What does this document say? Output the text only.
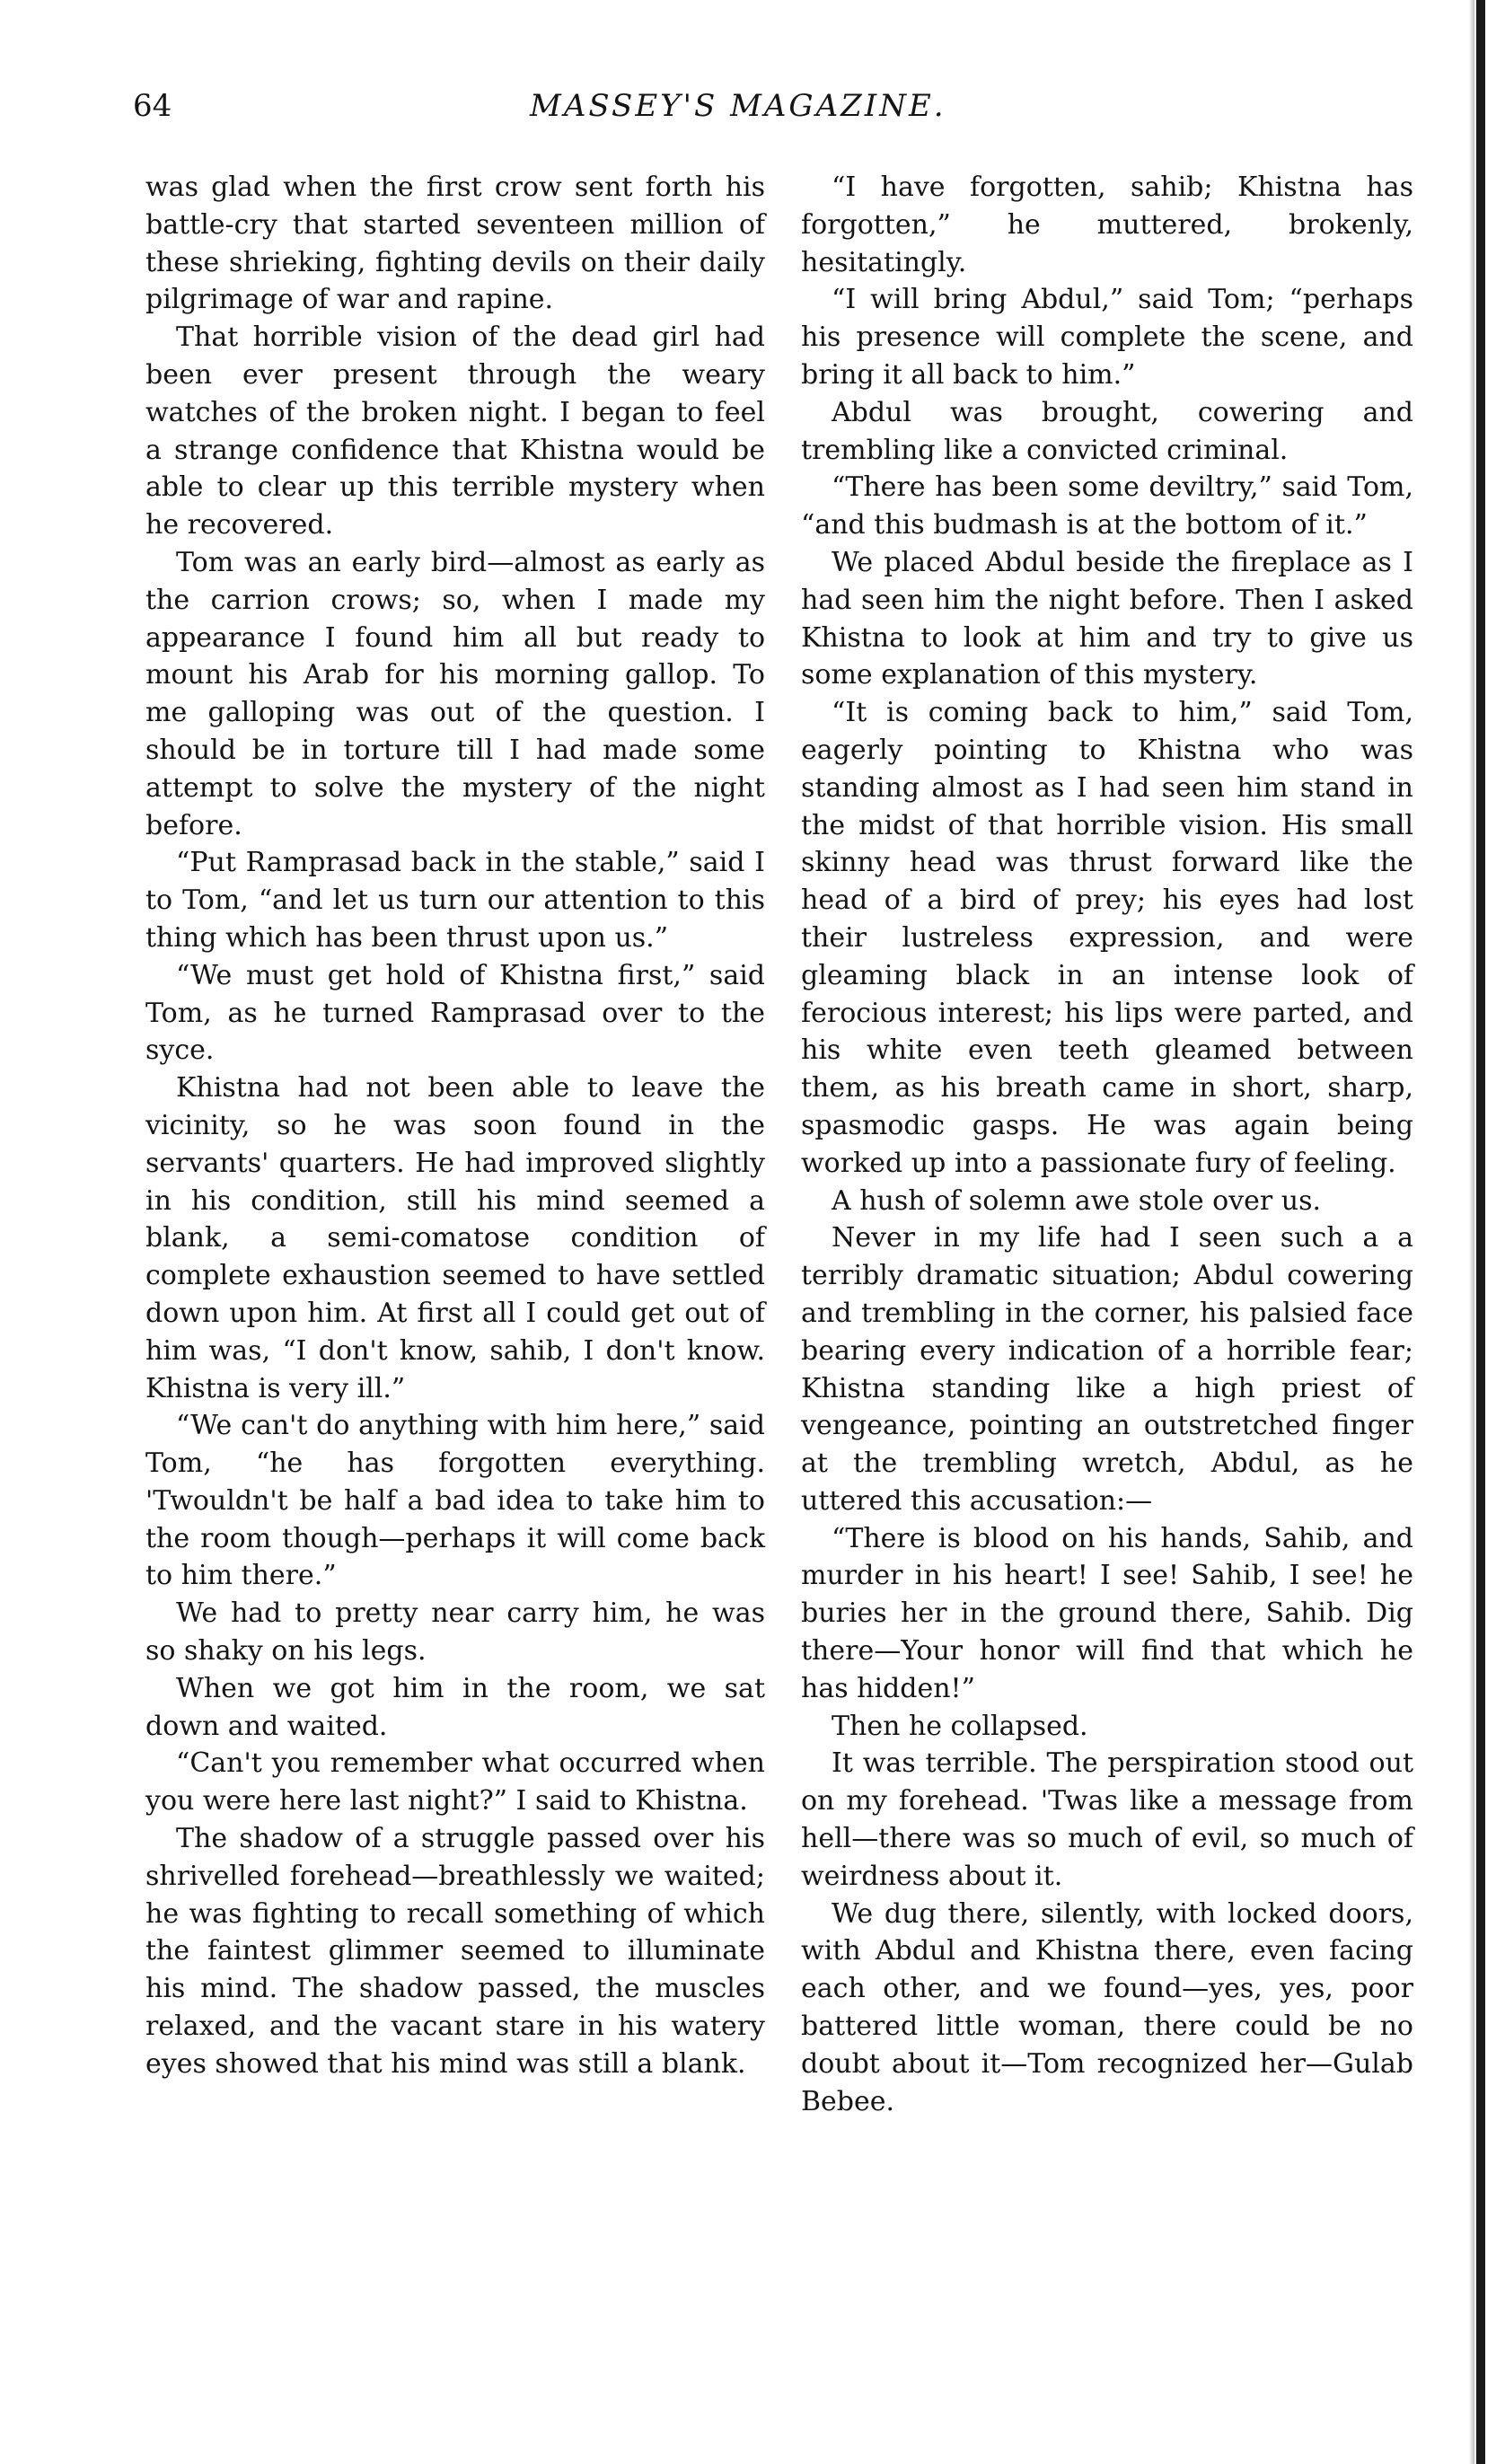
64	MASSEY'S MAGAZINE.

was glad when the first crow sent forth his battle-cry that started seventeen million of these shrieking, fighting devils on their daily pilgrimage of war and rapine.

That horrible vision of the dead girl had been ever present through the weary watches of the broken night. I began to feel a strange confidence that Khistna would be able to clear up this terrible mystery when he recovered.

Tom was an early bird—almost as early as the carrion crows; so, when I made my appearance I found him all but ready to mount his Arab for his morning gallop. To me galloping was out of the question. I should be in torture till I had made some attempt to solve the mystery of the night before.

“Put Ramprasad back in the stable,” said I to Tom, “and let us turn our attention to this thing which has been thrust upon us.”

“We must get hold of Khistna first,” said Tom, as he turned Ramprasad over to the syce.

Khistna had not been able to leave the vicinity, so he was soon found in the servants' quarters. He had improved slightly in his condition, still his mind seemed a blank, a semi-comatose condition of complete exhaustion seemed to have settled down upon him. At first all I could get out of him was, “I don't know, sahib, I don't know. Khistna is very ill.”

“We can't do anything with him here,” said Tom, “he has forgotten everything. 'Twouldn't be half a bad idea to take him to the room though—perhaps it will come back to him there.”

We had to pretty near carry him, he was so shaky on his legs.

When we got him in the room, we sat down and waited.

“Can't you remember what occurred when you were here last night?” I said to Khistna.

The shadow of a struggle passed over his shrivelled forehead—breathlessly we waited; he was fighting to recall something of which the faintest glimmer seemed to illuminate his mind. The shadow passed, the muscles relaxed, and the vacant stare in his watery eyes showed that his mind was still a blank.

“I have forgotten, sahib; Khistna has forgotten,” he muttered, brokenly, hesitatingly.

“I will bring Abdul,” said Tom; “perhaps his presence will complete the scene, and bring it all back to him.”

Abdul was brought, cowering and trembling like a convicted criminal.

“There has been some deviltry,” said Tom, “and this budmash is at the bottom of it.”

We placed Abdul beside the fireplace as I had seen him the night before. Then I asked Khistna to look at him and try to give us some explanation of this mystery.

“It is coming back to him,” said Tom, eagerly pointing to Khistna who was standing almost as I had seen him stand in the midst of that horrible vision. His small skinny head was thrust forward like the head of a bird of prey; his eyes had lost their lustreless expression, and were gleaming black in an intense look of ferocious interest; his lips were parted, and his white even teeth gleamed between them, as his breath came in short, sharp, spasmodic gasps. He was again being worked up into a passionate fury of feeling.

A hush of solemn awe stole over us.

Never in my life had I seen such a a terribly dramatic situation; Abdul cowering and trembling in the corner, his palsied face bearing every indication of a horrible fear; Khistna standing like a high priest of vengeance, pointing an outstretched finger at the trembling wretch, Abdul, as he uttered this accusation:—

“There is blood on his hands, Sahib, and murder in his heart! I see! Sahib, I see! he buries her in the ground there, Sahib. Dig there—Your honor will find that which he has hidden!”

Then he collapsed.

It was terrible. The perspiration stood out on my forehead. 'Twas like a message from hell—there was so much of evil, so much of weirdness about it.

We dug there, silently, with locked doors, with Abdul and Khistna there, even facing each other, and we found—yes, yes, poor battered little woman, there could be no doubt about it—Tom recognized her—Gulab Bebee.
